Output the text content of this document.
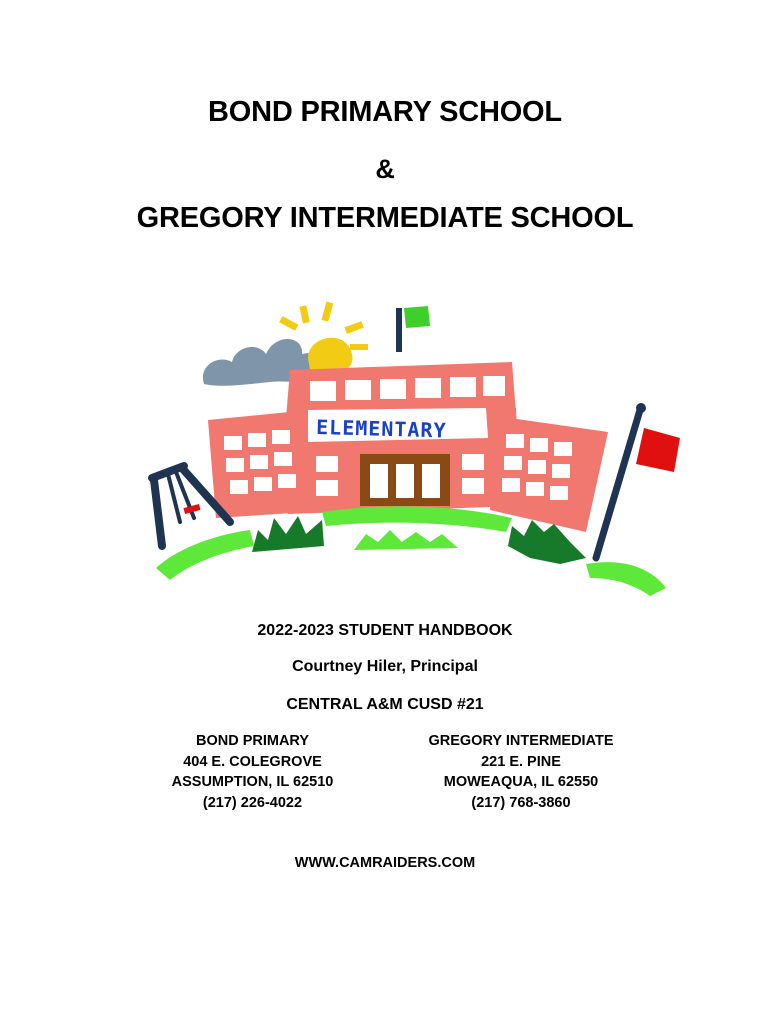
BOND PRIMARY SCHOOL
&
GREGORY INTERMEDIATE SCHOOL
ELEMENTARY
2022-2023 STUDENT HANDBOOK
Courtney Hiler, Principal
CENTRAL A&M CUSD #21
BOND PRIMARY
404 E. COLEGROVE
ASSUMPTION, IL 62510
(217) 226-4022
GREGORY INTERMEDIATE
221 E. PINE
MOWEAQUA, IL 62550
(217) 768-3860
WWW.CAMRAIDERS.COM
